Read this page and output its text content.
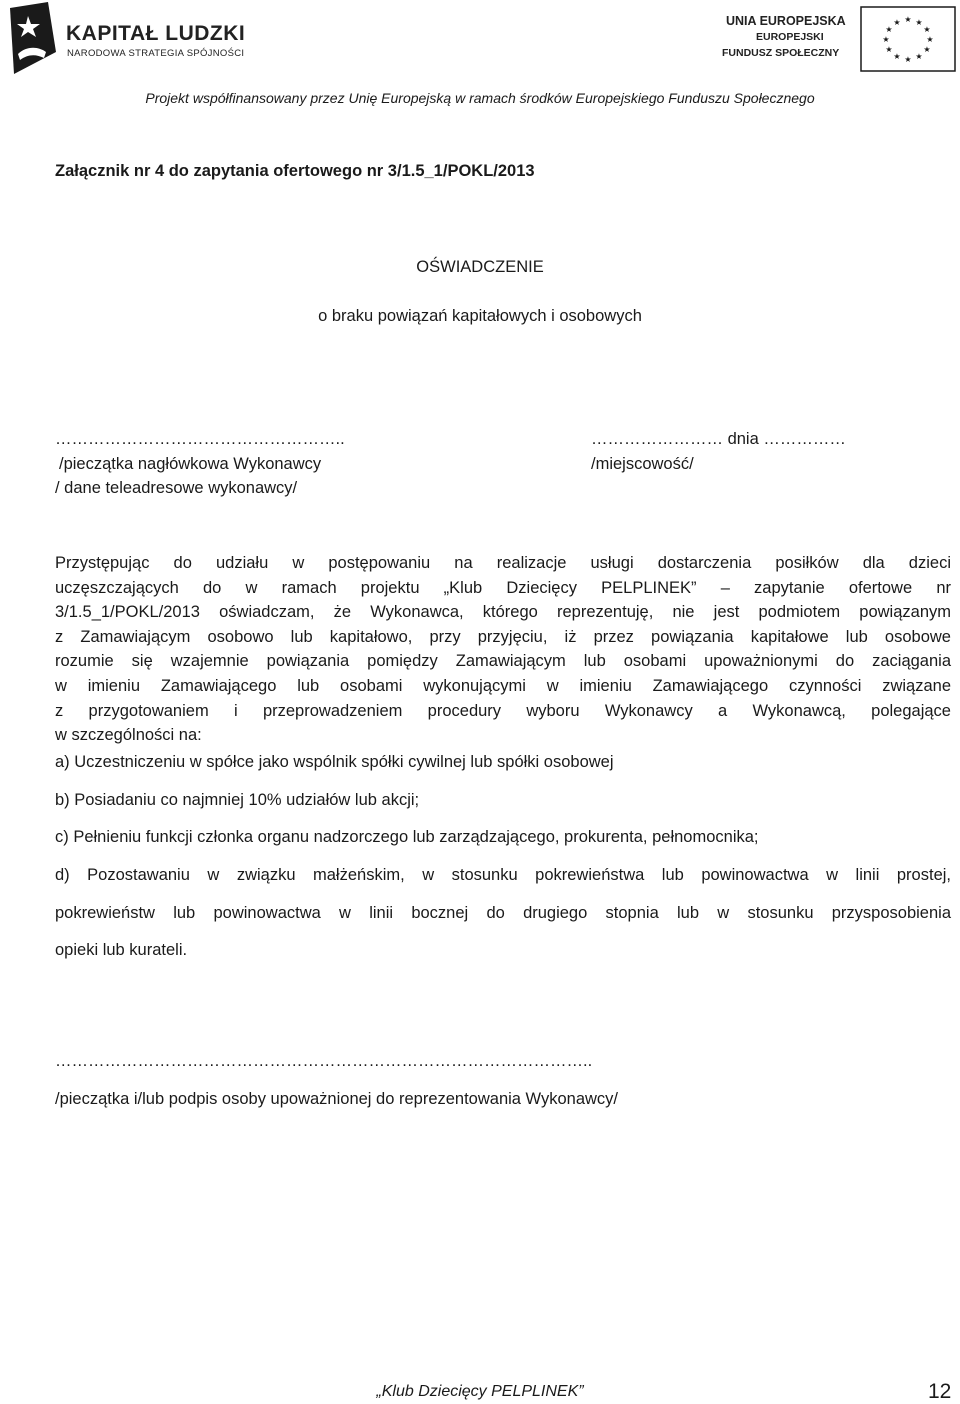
KAPITAŁ LUDZKI
NARODOWA STRATEGIA SPÓJNOŚCI
UNIA EUROPEJSKA
EUROPEJSKI
FUNDUSZ SPOŁECZNY
★ ★
★
★
★
★
★
★
★
★
★
★
Projekt współfinansowany przez Unię Europejską w ramach środków Europejskiego Funduszu Społecznego
Załącznik nr 4 do zapytania ofertowego nr 3/1.5_1/POKL/2013
OŚWIADCZENIE
o braku powiązań kapitałowych i osobowych
……………………………………………..
/pieczątka nagłówkowa Wykonawcy
/ dane teleadresowe wykonawcy/
…………………… dnia ……………
/miejscowość/
Przystępując do udziału w postępowaniu na realizacje usługi dostarczenia posiłków dla dzieci
uczęszczających do w ramach projektu „Klub Dziecięcy PELPLINEK” – zapytanie ofertowe nr
3/1.5_1/POKL/2013 oświadczam, że Wykonawca, którego reprezentuję, nie jest podmiotem powiązanym
z Zamawiającym osobowo lub kapitałowo, przy przyjęciu, iż przez powiązania kapitałowe lub osobowe
rozumie się wzajemnie powiązania pomiędzy Zamawiającym lub osobami upoważnionymi do zaciągania
w imieniu Zamawiającego lub osobami wykonującymi w imieniu Zamawiającego czynności związane
z przygotowaniem i przeprowadzeniem procedury wyboru Wykonawcy a Wykonawcą, polegające
w szczególności na:
a) Uczestniczeniu w spółce jako wspólnik spółki cywilnej lub spółki osobowej
b) Posiadaniu co najmniej 10% udziałów lub akcji;
c) Pełnieniu funkcji członka organu nadzorczego lub zarządzającego, prokurenta, pełnomocnika;
d) Pozostawaniu w związku małżeńskim, w stosunku pokrewieństwa lub powinowactwa w linii prostej,
pokrewieństw lub powinowactwa w linii bocznej do drugiego stopnia lub w stosunku przysposobienia
opieki lub kurateli.
……………………………………………………………………………………..
/pieczątka i/lub podpis osoby upoważnionej do reprezentowania Wykonawcy/
„Klub Dziecięcy PELPLINEK”	12
